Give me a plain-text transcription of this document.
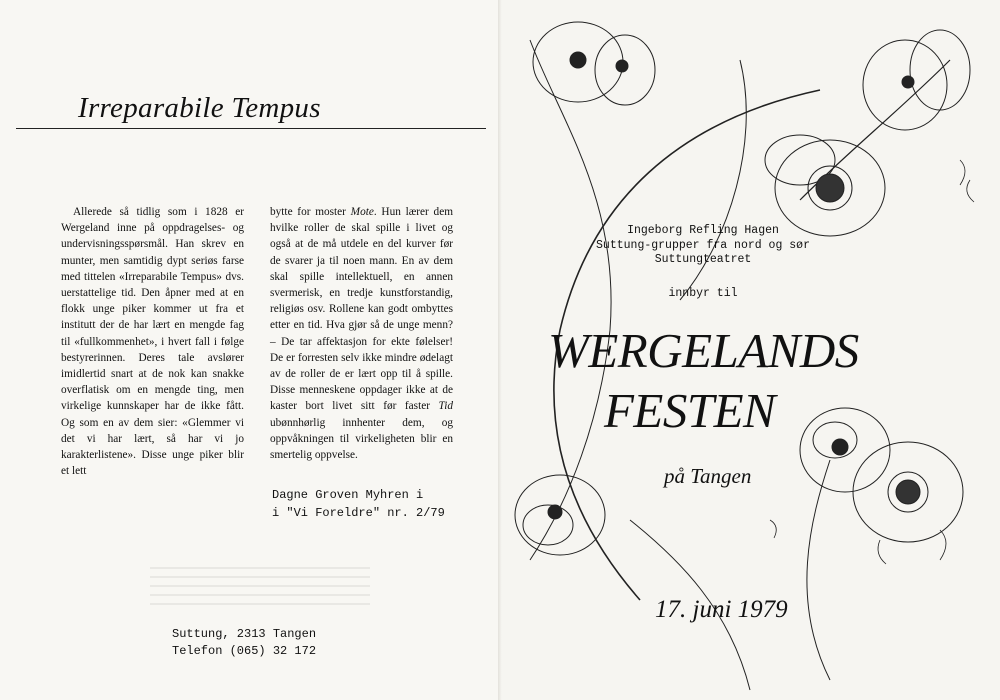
Irreparabile Tempus
Allerede så tidlig som i 1828 er Wergeland inne på oppdragelses- og undervisningsspørsmål. Han skrev en munter, men samtidig dypt seriøs farse med tittelen «Irreparabile Tempus» dvs. uerstattelige tid. Den åpner med at en flokk unge piker kommer ut fra et institutt der de har lært en mengde fag til «fullkommenhet», i hvert fall i følge bestyrerinnen. Deres tale avslører imidlertid snart at de nok kan snakke overflatisk om en mengde ting, men virkelige kunnskaper har de ikke fått. Og som en av dem sier: «Glemmer vi det vi har lært, så har vi jo karakterlistene». Disse unge piker blir et lett
bytte for moster Mote. Hun lærer dem hvilke roller de skal spille i livet og også at de må utdele en del kurver før de svarer ja til noen mann. En av dem skal spille intellektuell, en annen svermerisk, en tredje kunstforstandig, religiøs osv. Rollene kan godt ombyttes etter en tid. Hva gjør så de unge menn? – De tar affektasjon for ekte følelser! De er forresten selv ikke mindre ødelagt av de roller de er lært opp til å spille. Disse menneskene oppdager ikke at de kaster bort livet sitt før faster Tid ubønnhørlig innhenter dem, og oppvåkningen til virkeligheten blir en smertelig oppvelse.
Dagne Groven Myhren i
i "Vi Foreldre" nr. 2/79
Suttung, 2313 Tangen
Telefon (065) 32 172
Ingeborg Refling Hagen
Suttung-grupper fra nord og sør
Suttungteatret
innbyr til
WERGELANDS
FESTEN
på Tangen
17. juni 1979
